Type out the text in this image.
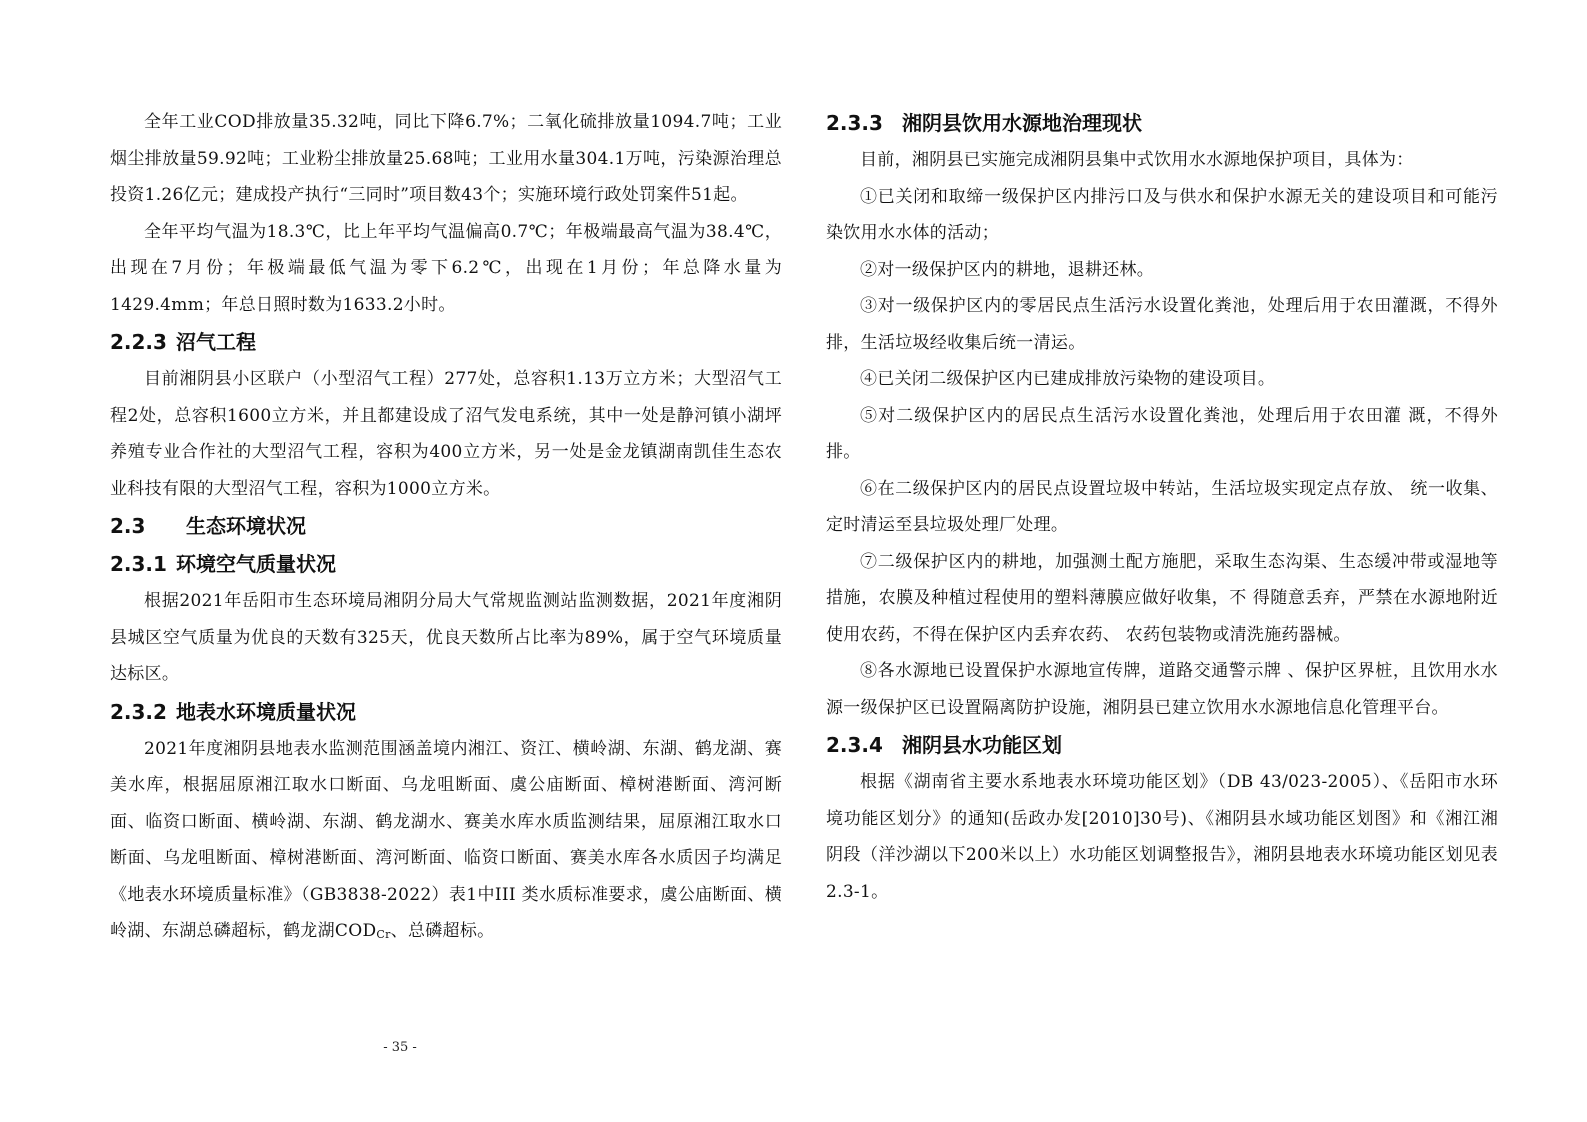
全年工业COD排放量35.32吨，同比下降6.7%；二氧化硫排放量1094.7吨；工业烟尘排放量59.92吨；工业粉尘排放量25.68吨；工业用水量304.1万吨，污染源治理总投资1.26亿元；建成投产执行“三同时”项目数43个；实施环境行政处罚案件51起。

全年平均气温为18.3℃，比上年平均气温偏高0.7℃；年极端最高气温为38.4℃，出现在7月份；年极端最低气温为零下6.2℃，出现在1月份；年总降水量为1429.4mm；年总日照时数为1633.2小时。

2.2.3 沼气工程

目前湘阴县小区联户（小型沼气工程）277处，总容积1.13万立方米；大型沼气工程2处，总容积1600立方米，并且都建设成了沼气发电系统，其中一处是静河镇小湖坪养殖专业合作社的大型沼气工程，容积为400立方米，另一处是金龙镇湖南凯佳生态农业科技有限的大型沼气工程，容积为1000立方米。

2.3 生态环境状况
2.3.1 环境空气质量状况

根据2021年岳阳市生态环境局湘阴分局大气常规监测站监测数据，2021年度湘阴县城区空气质量为优良的天数有325天，优良天数所占比率为89%，属于空气环境质量达标区。

2.3.2 地表水环境质量状况

2021年度湘阴县地表水监测范围涵盖境内湘江、资江、横岭湖、东湖、鹤龙湖、赛美水库，根据屈原湘江取水口断面、乌龙咀断面、虞公庙断面、樟树港断面、湾河断面、临资口断面、横岭湖、东湖、鹤龙湖水、赛美水库水质监测结果，屈原湘江取水口断面、乌龙咀断面、樟树港断面、湾河断面、临资口断面、赛美水库各水质因子均满足《地表水环境质量标准》（GB3838-2022）表1中III 类水质标准要求，虞公庙断面、横岭湖、东湖总磷超标，鹤龙湖$COD_{Cr}$、总磷超标。

2.3.3 湘阴县饮用水源地治理现状

目前，湘阴县已实施完成湘阴县集中式饮用水水源地保护项目，具体为：

①已关闭和取缔一级保护区内排污口及与供水和保护水源无关的建设项目和可能污染饮用水水体的活动；

②对一级保护区内的耕地，退耕还林。

③对一级保护区内的零居民点生活污水设置化粪池，处理后用于农田灌溉，不得外排，生活垃圾经收集后统一清运。

④已关闭二级保护区内已建成排放污染物的建设项目。

⑤对二级保护区内的居民点生活污水设置化粪池，处理后用于农田灌 溉，不得外排。

⑥在二级保护区内的居民点设置垃圾中转站，生活垃圾实现定点存放、 统一收集、定时清运至县垃圾处理厂处理。

⑦二级保护区内的耕地，加强测土配方施肥，采取生态沟渠、生态缓冲带或湿地等措施，农膜及种植过程使用的塑料薄膜应做好收集，不 得随意丢弃，严禁在水源地附近使用农药，不得在保护区内丢弃农药、 农药包装物或清洗施药器械。

⑧各水源地已设置保护水源地宣传牌，道路交通警示牌 、保护区界桩，且饮用水水源一级保护区已设置隔离防护设施，湘阴县已建立饮用水水源地信息化管理平台。

2.3.4 湘阴县水功能区划

根据《湖南省主要水系地表水环境功能区划》（DB 43/023-2005）、《岳阳市水环境功能区划分》的通知(岳政办发[2010]30号)、《湘阴县水域功能区划图》和《湘江湘阴段（洋沙湖以下200米以上）水功能区划调整报告》，湘阴县地表水环境功能区划见表2.3-1。

- 35 -
